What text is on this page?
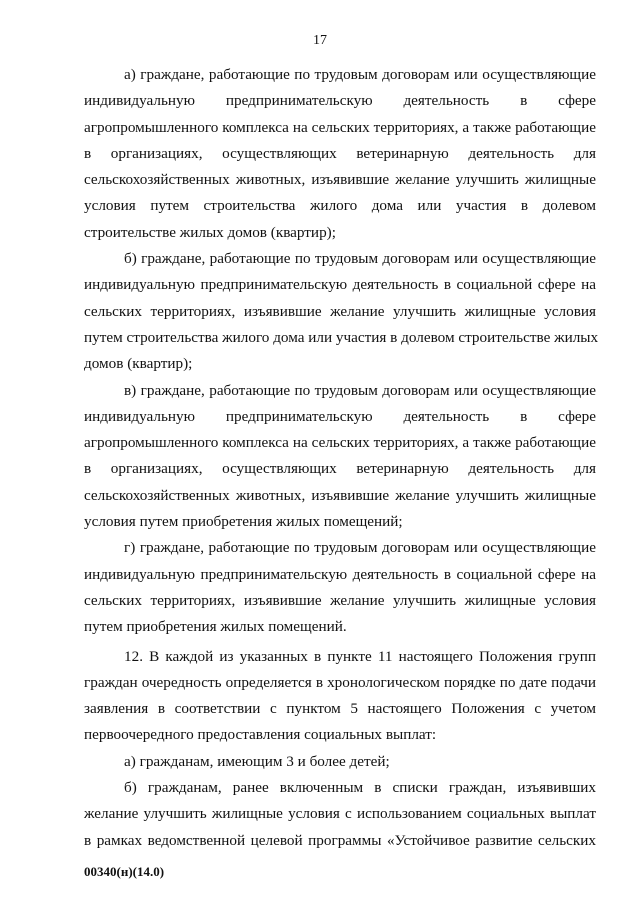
17
а) граждане, работающие по трудовым договорам или осуществляющие
индивидуальную предпринимательскую деятельность в сфере
агропромышленного комплекса на сельских территориях, а также работающие
в организациях, осуществляющих ветеринарную деятельность для
сельскохозяйственных животных, изъявившие желание улучшить жилищные
условия путем строительства жилого дома или участия в долевом
строительстве жилых домов (квартир);
б) граждане, работающие по трудовым договорам или осуществляющие
индивидуальную предпринимательскую деятельность в социальной сфере на
сельских территориях, изъявившие желание улучшить жилищные условия
путем строительства жилого дома или участия в долевом строительстве жилых
домов (квартир);
в) граждане, работающие по трудовым договорам или осуществляющие
индивидуальную предпринимательскую деятельность в сфере
агропромышленного комплекса на сельских территориях, а также работающие
в организациях, осуществляющих ветеринарную деятельность для
сельскохозяйственных животных, изъявившие желание улучшить жилищные
условия путем приобретения жилых помещений;
г) граждане, работающие по трудовым договорам или осуществляющие
индивидуальную предпринимательскую деятельность в социальной сфере на
сельских территориях, изъявившие желание улучшить жилищные условия
путем приобретения жилых помещений.
12. В каждой из указанных в пункте 11 настоящего Положения групп
граждан очередность определяется в хронологическом порядке по дате подачи
заявления в соответствии с пунктом 5 настоящего Положения с учетом
первоочередного предоставления социальных выплат:
а) гражданам, имеющим 3 и более детей;
б) гражданам, ранее включенным в списки граждан, изъявивших
желание улучшить жилищные условия с использованием социальных выплат
в рамках ведомственной целевой программы «Устойчивое развитие сельских
00340(н)(14.0)
